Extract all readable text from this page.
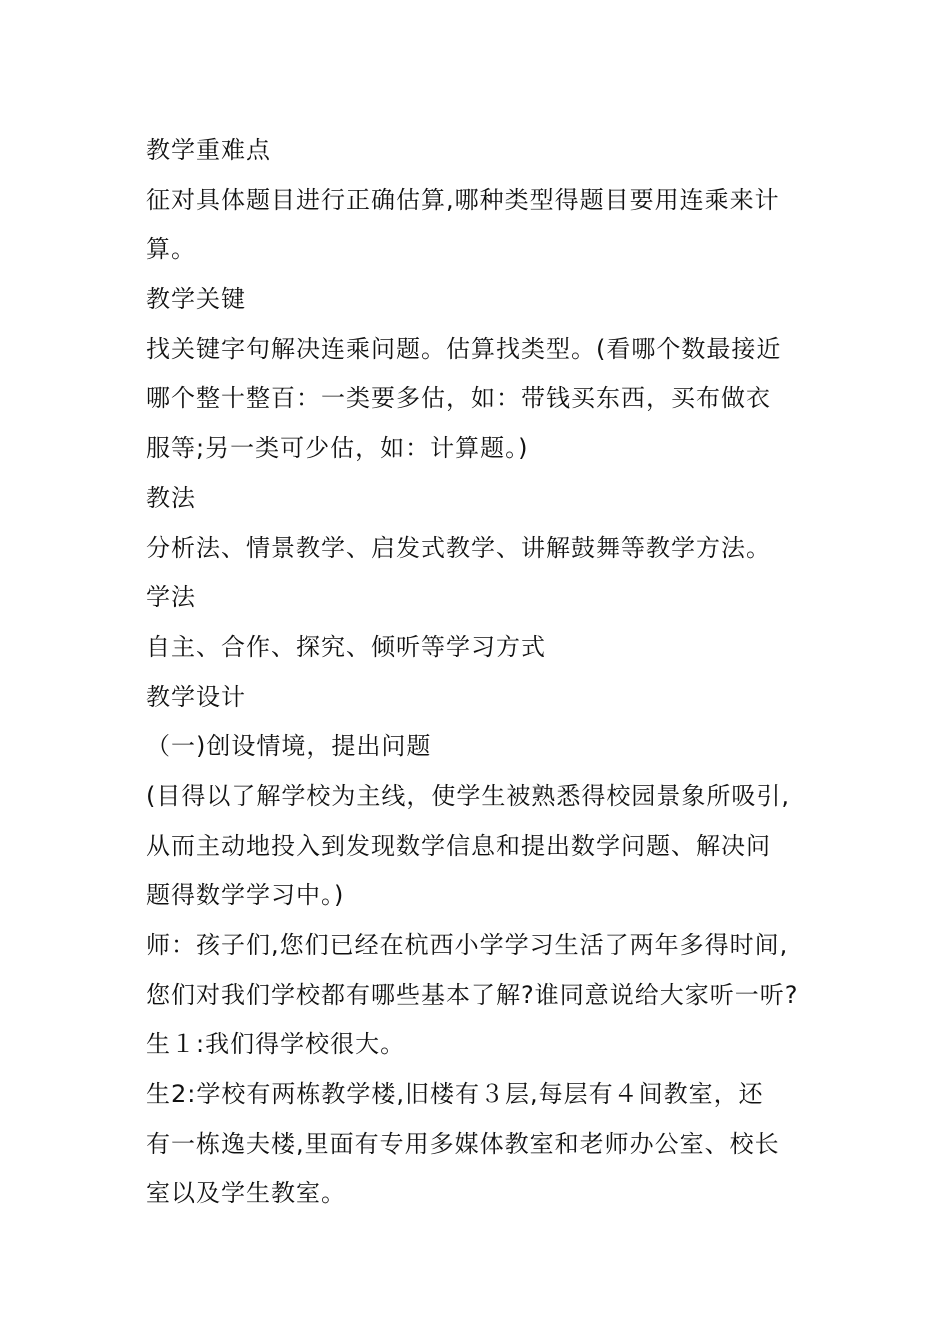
教学重难点
征对具体题目进行正确估算,哪种类型得题目要用连乘来计
算。
教学关键
找关键字句解决连乘问题。估算找类型。(看哪个数最接近
哪个整十整百：一类要多估，如：带钱买东西，买布做衣
服等;另一类可少估，如：计算题。)
教法
分析法、情景教学、启发式教学、讲解鼓舞等教学方法。
学法
自主、合作、探究、倾听等学习方式
教学设计
（一)创设情境，提出问题
(目得以了解学校为主线，使学生被熟悉得校园景象所吸引,
从而主动地投入到发现数学信息和提出数学问题、解决问
题得数学学习中。)
师：孩子们,您们已经在杭西小学学习生活了两年多得时间,
您们对我们学校都有哪些基本了解?谁同意说给大家听一听?
生１:我们得学校很大。
生2:学校有两栋教学楼,旧楼有３层,每层有４间教室，还
有一栋逸夫楼,里面有专用多媒体教室和老师办公室、校长
室以及学生教室。
